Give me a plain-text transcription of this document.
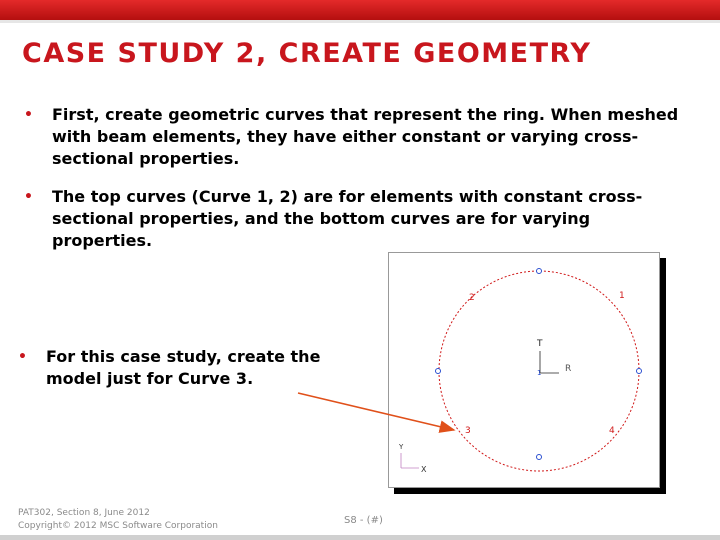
CASE STUDY 2, CREATE GEOMETRY
• First, create geometric curves that represent the ring. When meshed with beam elements, they have either constant or varying cross-sectional properties.
• The top curves (Curve 1, 2) are for elements with constant cross-sectional properties, and the bottom curves are for varying properties.
• For this case study, create the model just for Curve 3.
1
2
3	4
T
R
1
Y
X
PAT302, Section 8, June 2012
Copyright© 2012 MSC Software Corporation	S8 - (#)
